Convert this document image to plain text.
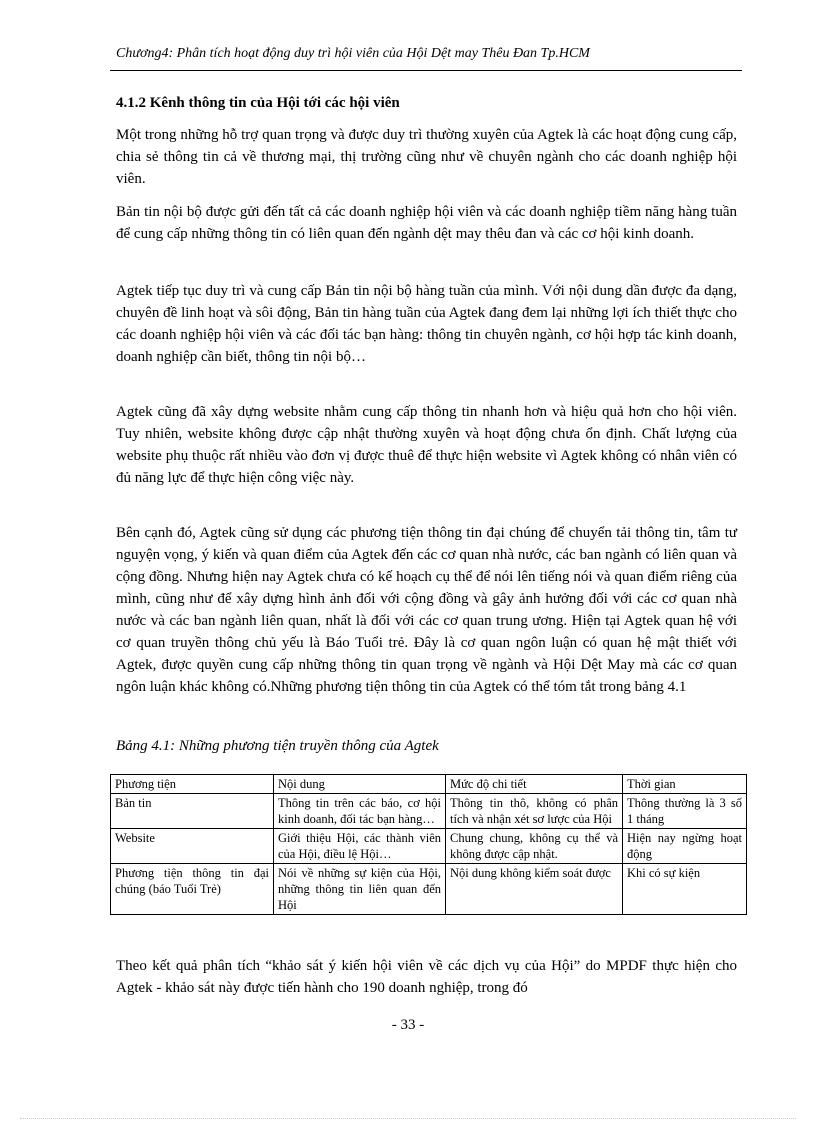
Chương4: Phân tích hoạt động duy trì hội viên của Hội Dệt may Thêu Đan Tp.HCM
4.1.2 Kênh thông tin của Hội tới các hội viên

Một trong những hỗ trợ quan trọng và được duy trì thường xuyên của Agtek là các hoạt động cung cấp, chia sẻ thông tin cả về thương mại, thị trường cũng như về chuyên ngành cho các doanh nghiệp hội viên.

Bản tin nội bộ được gửi đến tất cả các doanh nghiệp hội viên và các doanh nghiệp tiềm năng hàng tuần để cung cấp những thông tin có liên quan đến ngành dệt may thêu đan và các cơ hội kinh doanh.

Agtek tiếp tục duy trì và cung cấp Bản tin nội bộ hàng tuần của mình. Với nội dung dần được đa dạng, chuyên đề linh hoạt và sôi động, Bản tin hàng tuần của Agtek đang đem lại những lợi ích thiết thực cho các doanh nghiệp hội viên và các đối tác bạn hàng: thông tin chuyên ngành, cơ hội hợp tác kinh doanh, doanh nghiệp cần biết, thông tin nội bộ…

Agtek cũng đã xây dựng website nhằm cung cấp thông tin nhanh hơn và hiệu quả hơn cho hội viên. Tuy nhiên, website không được cập nhật thường xuyên và hoạt động chưa ổn định. Chất lượng của website phụ thuộc rất nhiều vào đơn vị được thuê để thực hiện website vì Agtek không có nhân viên có đủ năng lực để thực hiện công việc này.

Bên cạnh đó, Agtek cũng sử dụng các phương tiện thông tin đại chúng để chuyển tải thông tin, tâm tư nguyện vọng, ý kiến và quan điểm của Agtek đến các cơ quan nhà nước, các ban ngành có liên quan và cộng đồng. Nhưng hiện nay Agtek chưa có kế hoạch cụ thể để nói lên tiếng nói và quan điểm riêng của mình, cũng như để xây dựng hình ảnh đối với cộng đồng và gây ảnh hưởng đối với các cơ quan nhà nước và các ban ngành liên quan, nhất là đối với các cơ quan trung ương. Hiện tại Agtek quan hệ với cơ quan truyền thông chủ yếu là Báo Tuổi trẻ. Đây là cơ quan ngôn luận có quan hệ mật thiết với Agtek, được quyền cung cấp những thông tin quan trọng về ngành và Hội Dệt May mà các cơ quan ngôn luận khác không có.Những phương tiện thông tin của Agtek có thể tóm tắt trong bảng 4.1

Bảng 4.1: Những phương tiện truyền thông của Agtek
Phương tiện	Nội dung	Mức độ chi tiết	Thời gian
Bản tin	Thông tin trên các báo, cơ hội kinh doanh, đối tác bạn hàng…	Thông tin thô, không có phân tích và nhận xét sơ lược của Hội	Thông thường là 3 số 1 tháng
Website	Giới thiệu Hội, các thành viên của Hội, điều lệ Hội…	Chung chung, không cụ thể và không được cập nhật.	Hiện nay ngừng hoạt động
Phương tiện thông tin đại chúng (báo Tuổi Trẻ)	Nói về những sự kiện của Hội, những thông tin liên quan đến Hội	Nội dung không kiểm soát được	Khi có sự kiện

Theo kết quả phân tích “khảo sát ý kiến hội viên về các dịch vụ của Hội” do MPDF thực hiện cho Agtek - khảo sát này được tiến hành cho 190 doanh nghiệp, trong đó

- 33 -
